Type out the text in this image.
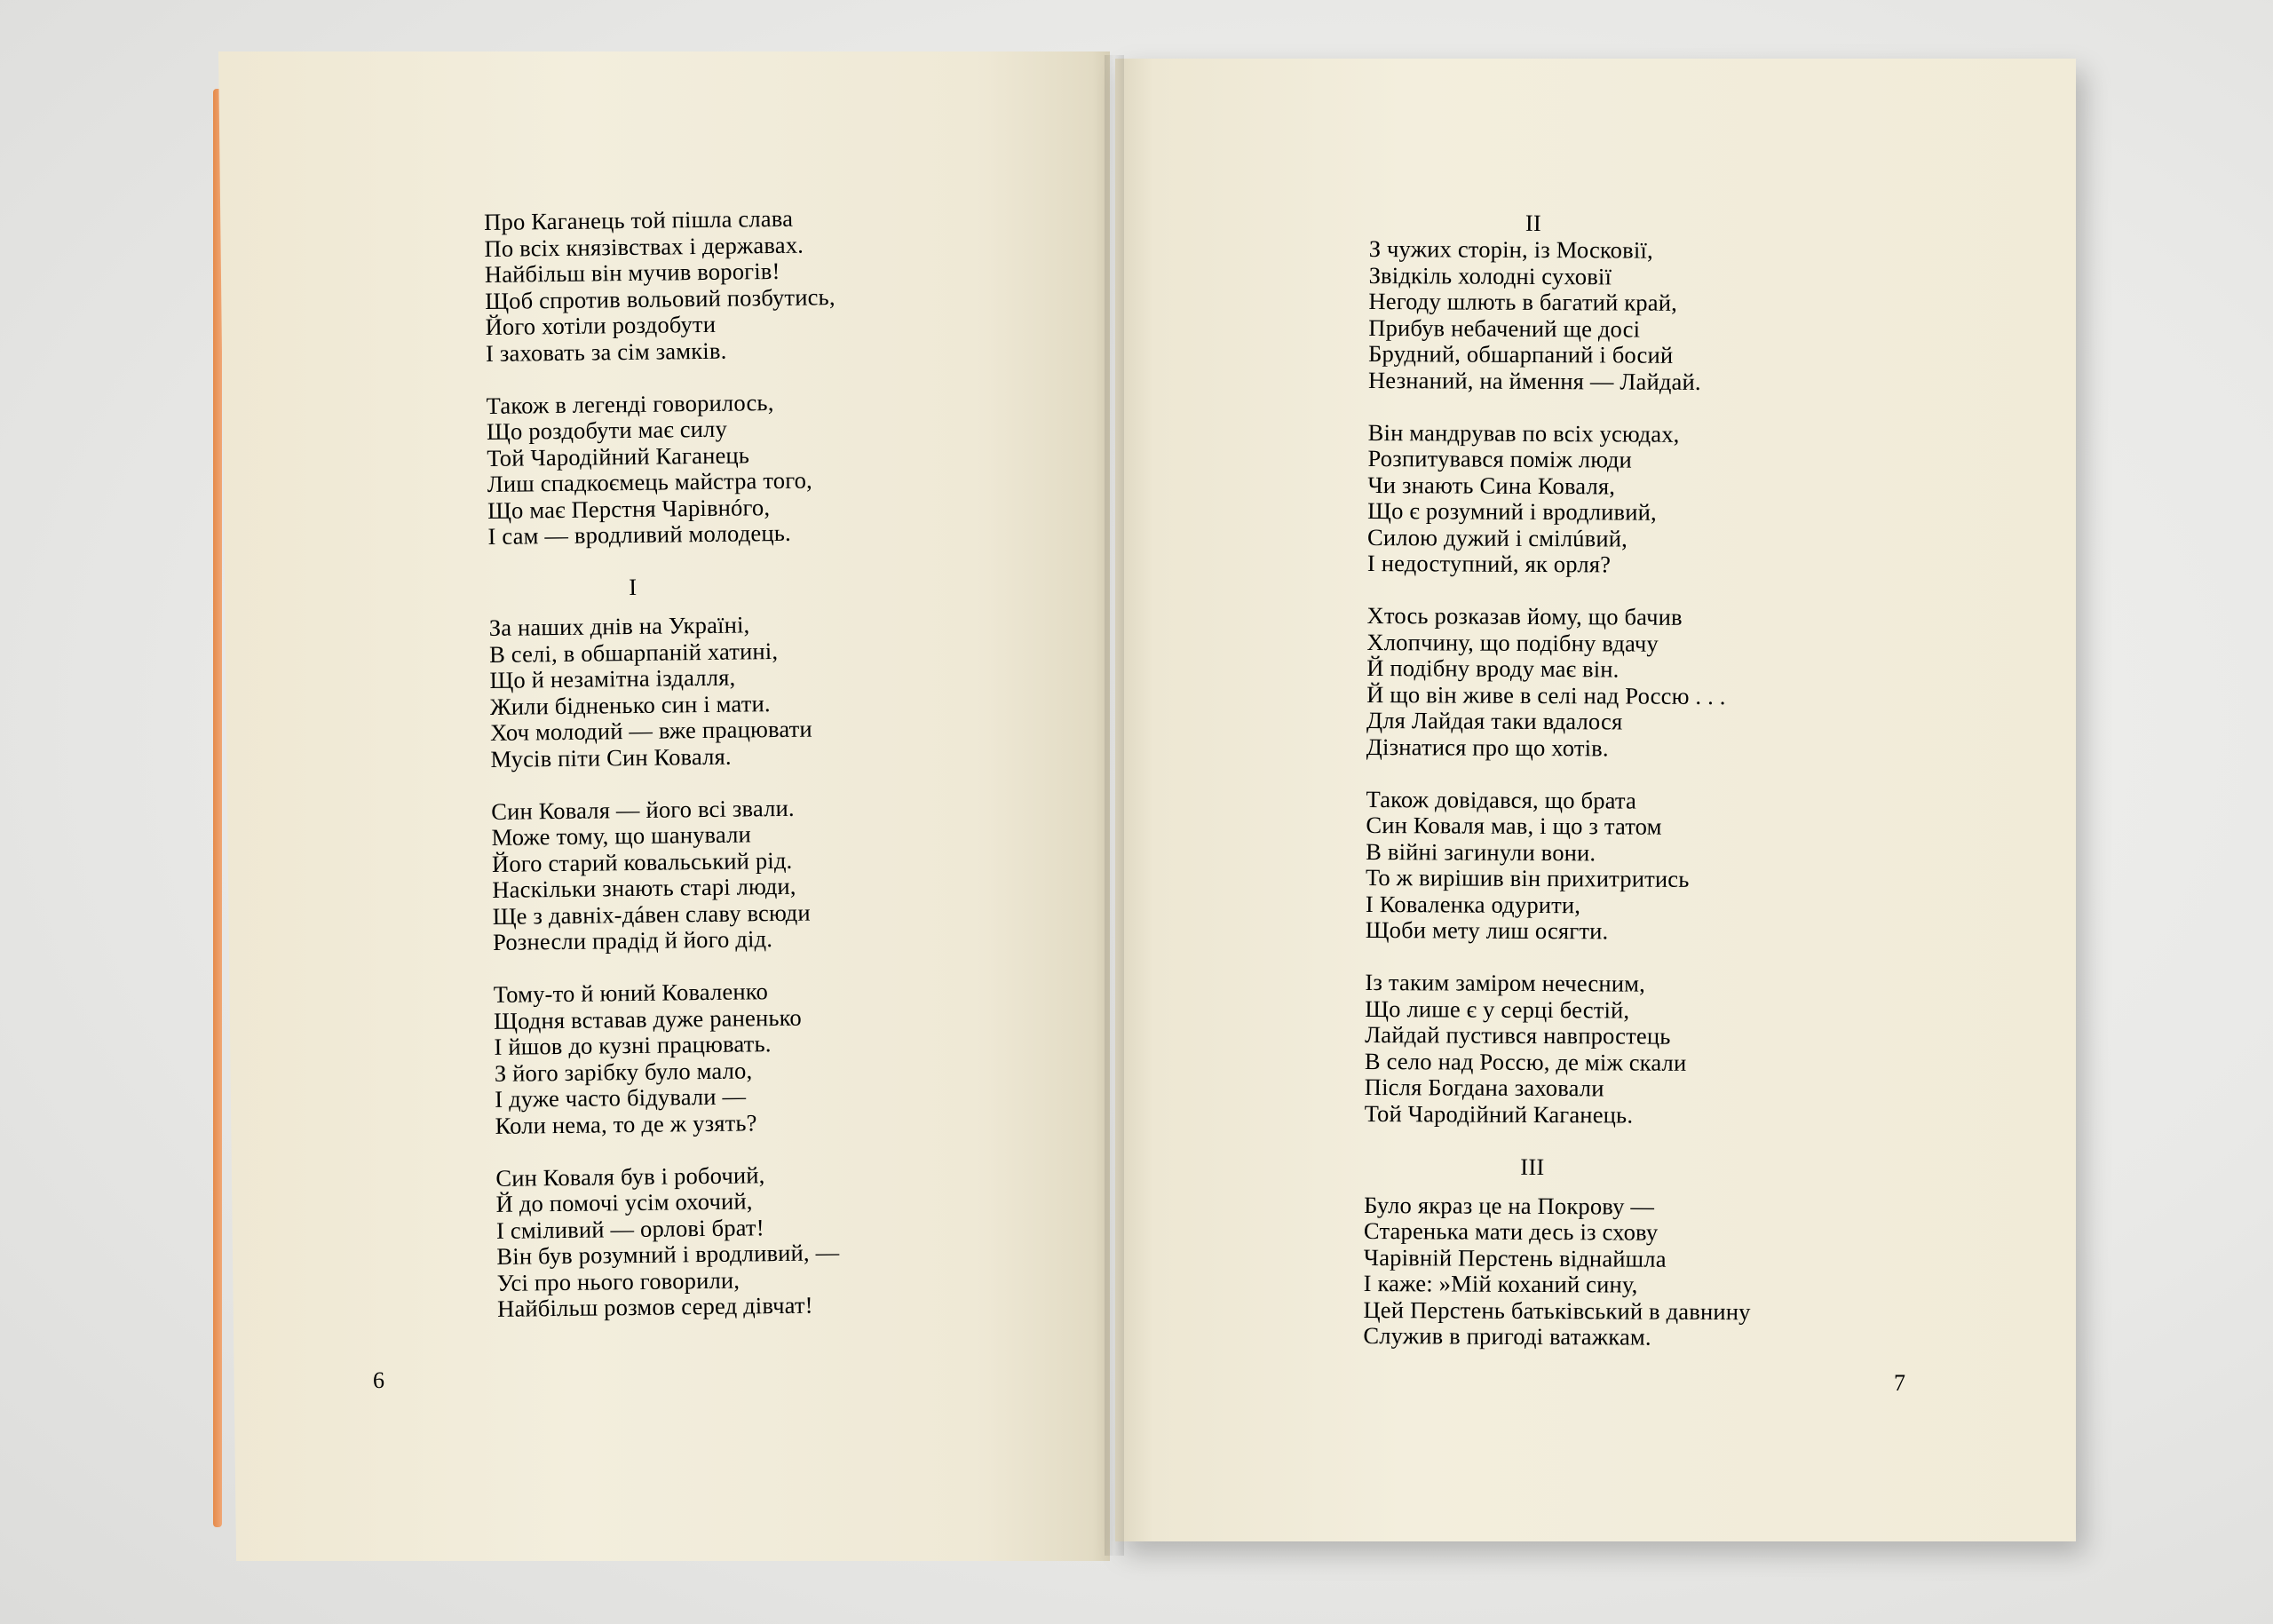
Про Каганець той пішла слава
По всіх князівствах і державах.
Найбільш він мучив ворогів!
Щоб спротив вольовий позбутись,
Його хотіли роздобути
І заховать за сім замків.
Також в легенді говорилось,
Що роздобути має силу
Той Чародійний Каганець
Лиш спадкоємець майстра того,
Що має Перстня Чарівнóго,
І сам — вродливий молодець.
І
За наших днів на Україні,
В селі, в обшарпаній хатині,
Що й незамітна іздалля,
Жили бідненько син і мати.
Хоч молодий — вже працювати
Мусів піти Син Коваля.
Син Коваля — його всі звали.
Може тому, що шанували
Його старий ковальський рід.
Наскільки знають старі люди,
Ще з давніх-дáвен славу всюди
Рознесли прадід й його дід.
Тому-то й юний Коваленко
Щодня вставав дуже раненько
І йшов до кузні працювать.
З його зарібку було мало,
І дуже часто бідували —
Коли нема, то де ж узять?
Син Коваля був і робочий,
Й до помочі усім охочий,
І сміливий — орлові брат!
Він був розумний і вродливий, —
Усі про нього говорили,
Найбільш розмов серед дівчат!
II
З чужих сторін, із Московії,
Звідкіль холодні суховії
Негоду шлють в багатий край,
Прибув небачений ще досі
Брудний, обшарпаний і босий
Незнаний, на ймення — Лайдай.
Він мандрував по всіх усюдах,
Розпитувався поміж люди
Чи знають Сина Коваля,
Що є розумний і вродливий,
Силою дужий і смілúвий,
І недоступний, як орля?
Хтось розказав йому, що бачив
Хлопчину, що подібну вдачу
Й подібну вроду має він.
Й що він живе в селі над Россю . . .
Для Лайдая таки вдалося
Дізнатися про що хотів.
Також довідався, що брата
Син Коваля мав, і що з татом
В війні загинули вони.
То ж вирішив він прихитритись
І Коваленка одурити,
Щоби мету лиш осягти.
Із таким заміром нечесним,
Що лише є у серці бестій,
Лайдай пустився навпростець
В село над Россю, де між скали
Після Богдана заховали
Той Чародійний Каганець.
III
Було якраз це на Покрову —
Старенька мати десь із схову
Чарівній Перстень віднайшла
І каже: »Мій коханий сину,
Цей Перстень батьківський в давнину
Служив в пригоді ватажкам.
6	7
